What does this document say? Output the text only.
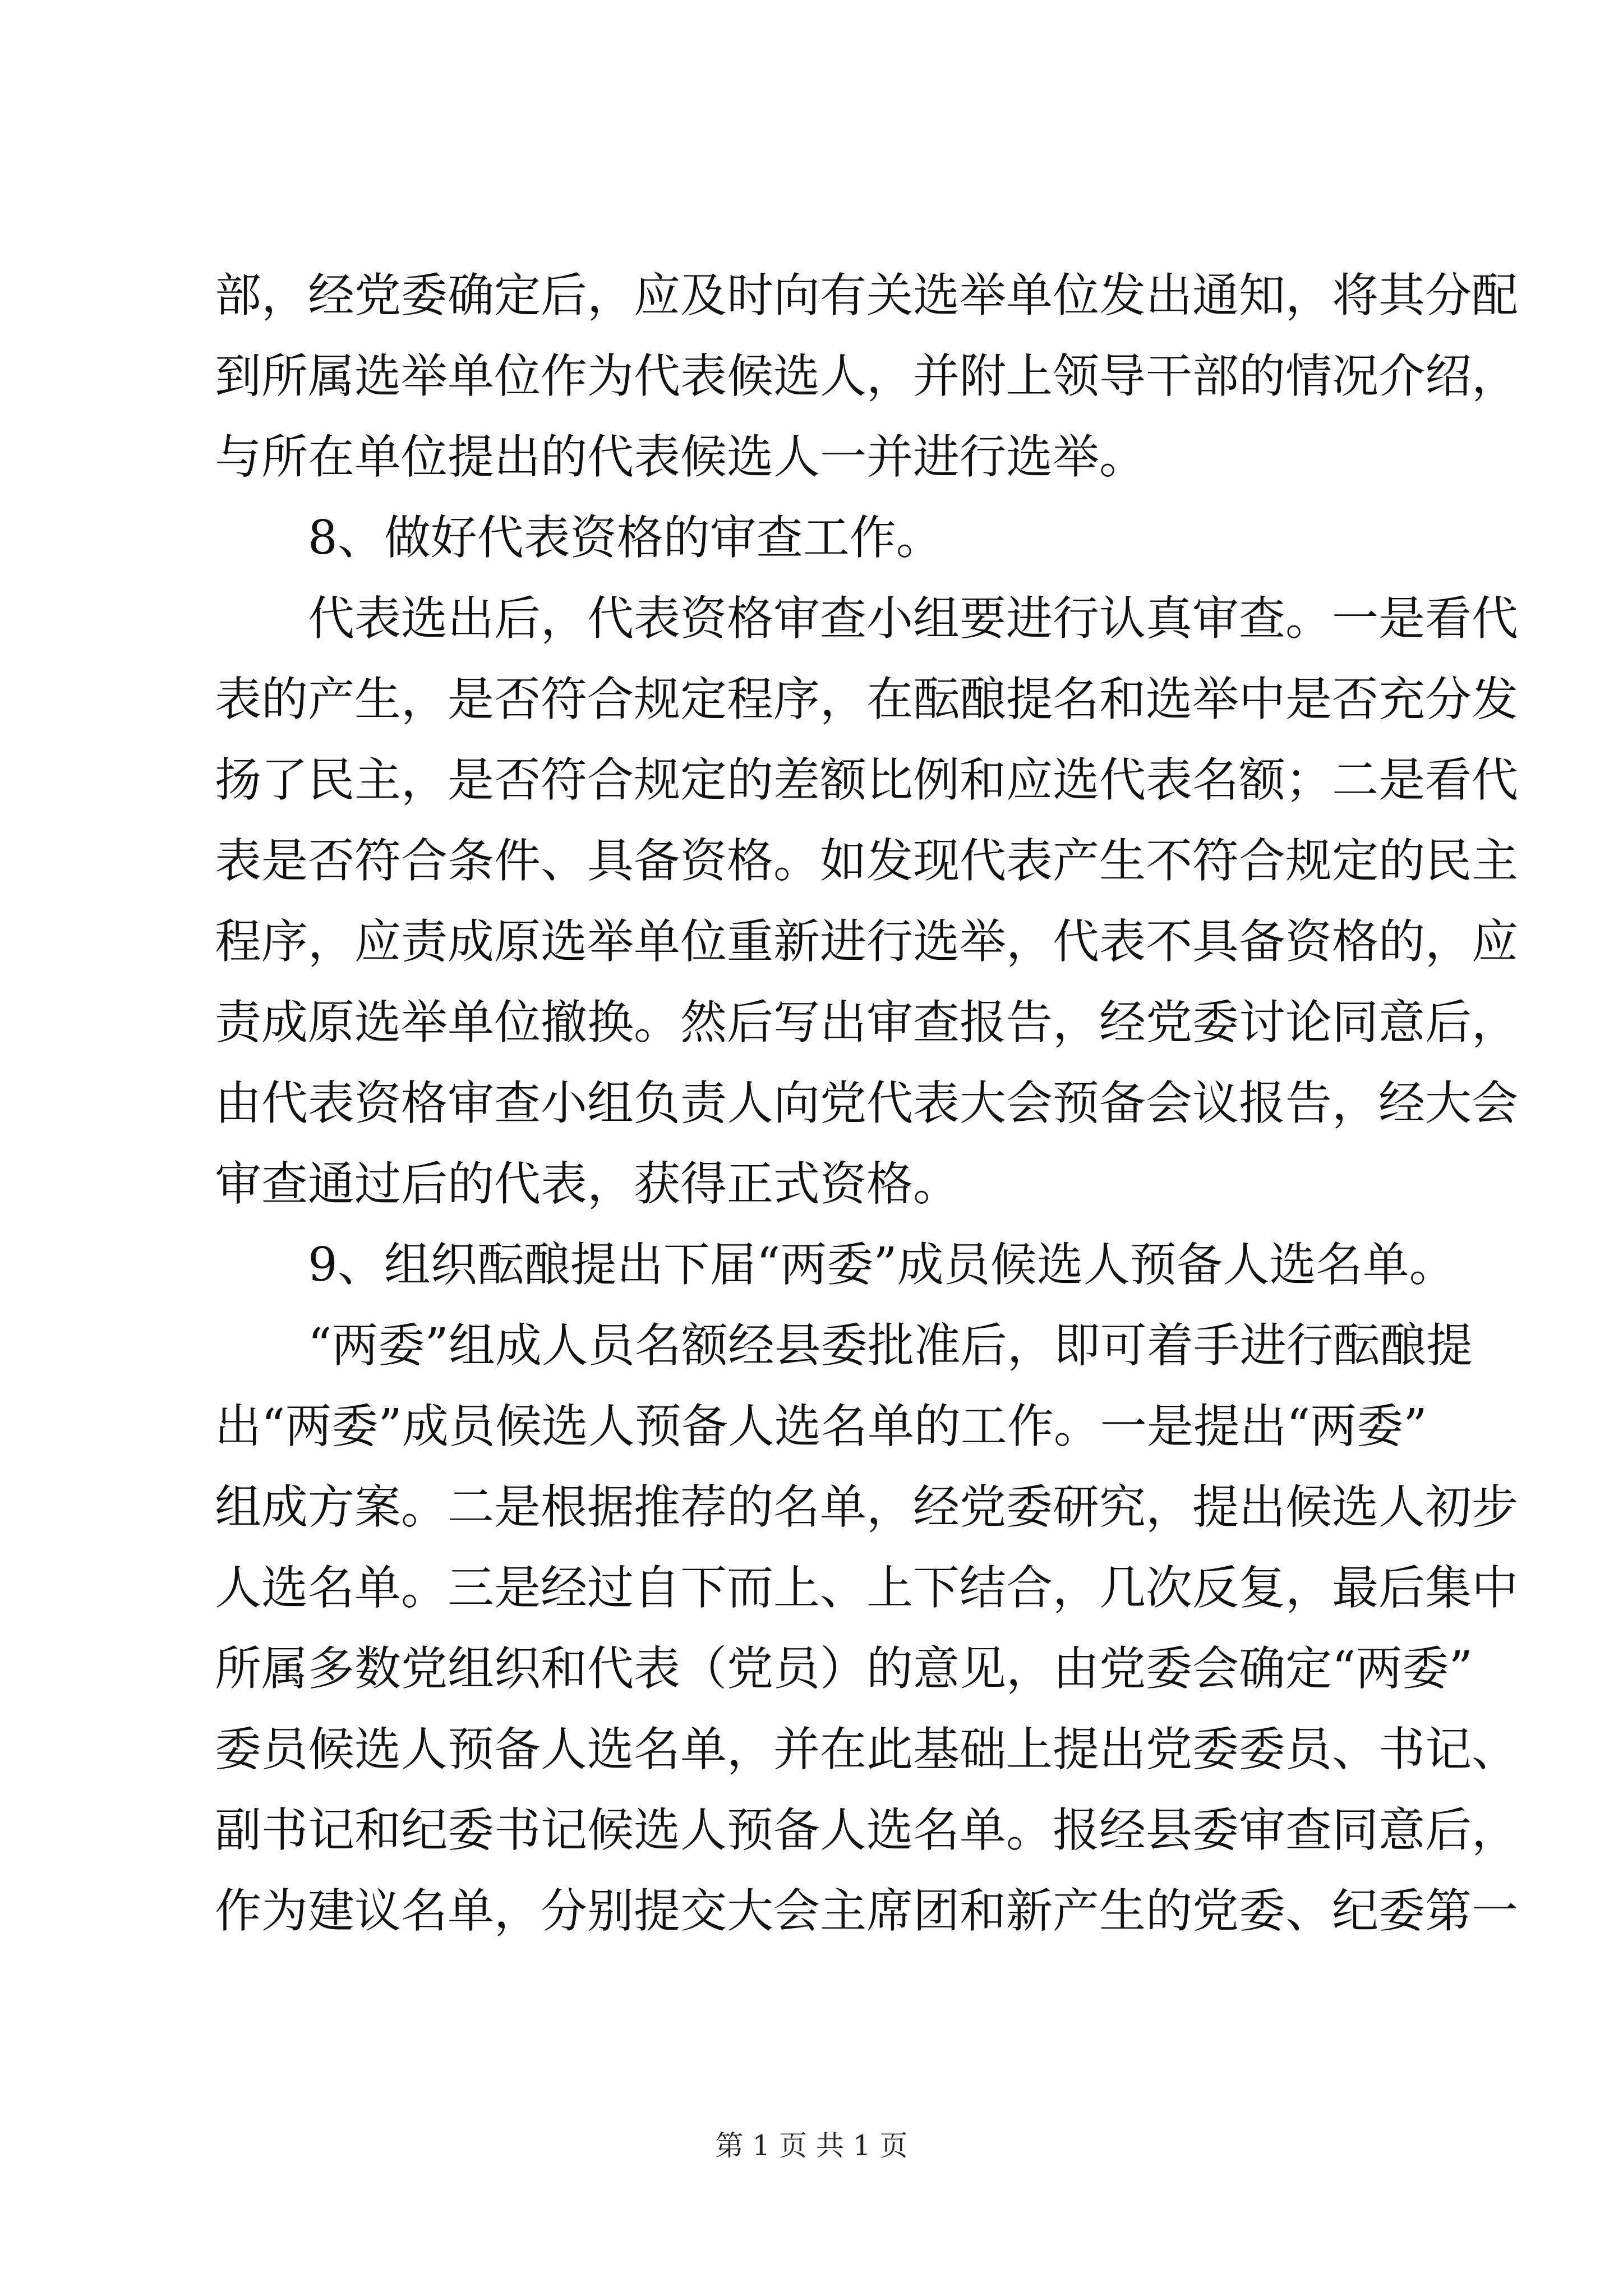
部，经党委确定后，应及时向有关选举单位发出通知，将其分配
到所属选举单位作为代表候选人，并附上领导干部的情况介绍，
与所在单位提出的代表候选人一并进行选举。
8、做好代表资格的审查工作。
代表选出后，代表资格审查小组要进行认真审查。一是看代
表的产生，是否符合规定程序，在酝酿提名和选举中是否充分发
扬了民主，是否符合规定的差额比例和应选代表名额；二是看代
表是否符合条件、具备资格。如发现代表产生不符合规定的民主
程序，应责成原选举单位重新进行选举，代表不具备资格的，应
责成原选举单位撤换。然后写出审查报告，经党委讨论同意后，
由代表资格审查小组负责人向党代表大会预备会议报告，经大会
审查通过后的代表，获得正式资格。
9、组织酝酿提出下届“两委”成员候选人预备人选名单。
“两委”组成人员名额经县委批准后，即可着手进行酝酿提
出“两委”成员候选人预备人选名单的工作。一是提出“两委”
组成方案。二是根据推荐的名单，经党委研究，提出候选人初步
人选名单。三是经过自下而上、上下结合，几次反复，最后集中
所属多数党组织和代表（党员）的意见，由党委会确定“两委”
委员候选人预备人选名单，并在此基础上提出党委委员、书记、
副书记和纪委书记候选人预备人选名单。报经县委审查同意后，
作为建议名单，分别提交大会主席团和新产生的党委、纪委第一
第 1 页 共 1 页
